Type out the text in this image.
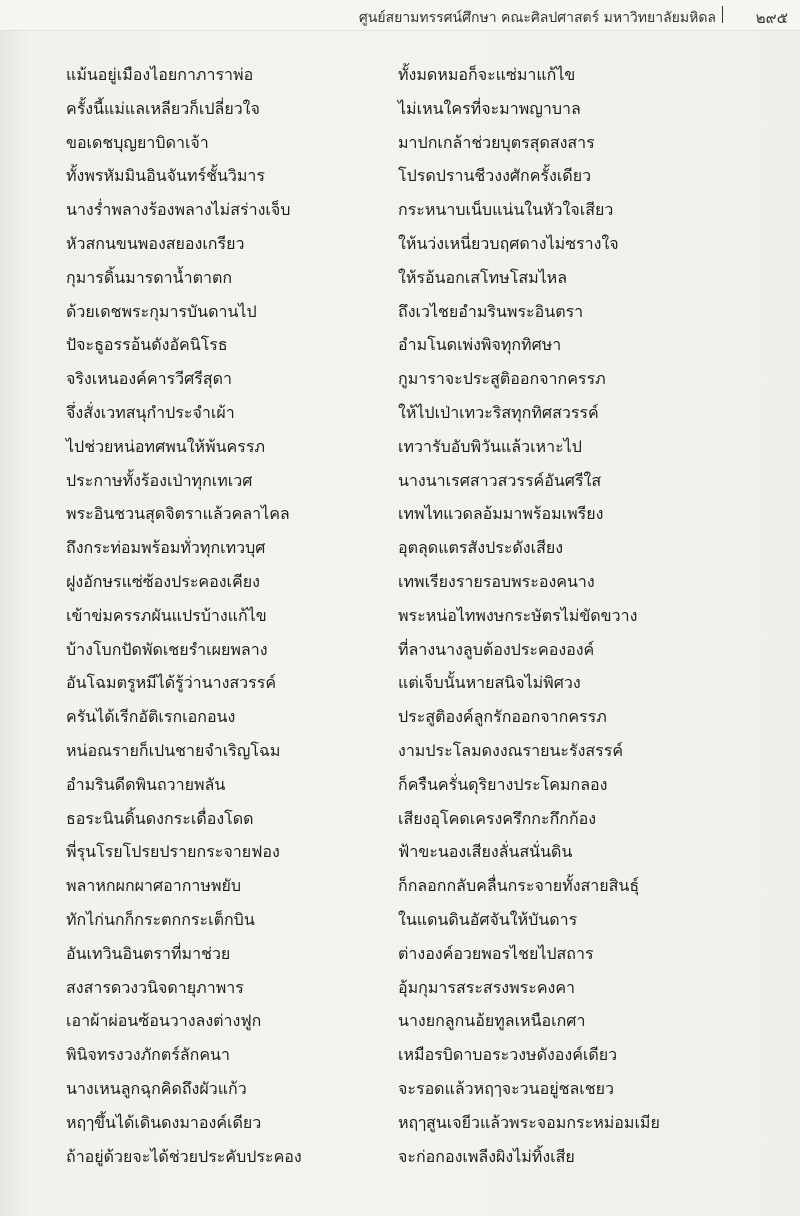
ศูนย์สยามทรรศน์ศึกษา คณะศิลปศาสตร์ มหาวิทยาลัยมหิดล	๒๙๕
แม้นอยู่เมืองไอยกาภาราพ่อ	ทั้งมดหมอก็จะแซ่มาแก้ไข
ครั้งนี้แม่แลเหลียวก็เปลี่ยวใจ	ไม่เหนใครที่จะมาพญาบาล
ขอเดชบุญยาบิดาเจ้า	มาปกเกล้าช่วยบุตรสุดสงสาร
ทั้งพรหัมมินอินจันทร์ชั้นวิมาร	โปรดปรานชีวงงศักครั้งเดียว
นางร่ำพลางร้องพลางไม่สร่างเจ็บ	กระหนาบเน็บแน่นในหัวใจเสียว
หัวสกนขนพองสยองเกรียว	ให้นว่งเหนี่ยวบฤศดางไม่ซรางใจ
กุมารดิ้นมารดาน้ำตาตก	ให้รอ้นอกเสโทษโสมไหล
ด้วยเดชพระกุมารบันดานไป	ถึงเวไชยอำมรินพระอินตรา
ปัจะธูอรรอ้นดังอัคนิโรธ	อำมโนดเพ่งพิจทุกทิศษา
จริงเหนองค์คารวีศรีสุดา	กูมาราจะประสูติออกจากครรภ
จึ่งสั่งเวทสนุกำประจำเผ้า	ให้ไปเป่าเทวะริสทุกทิศสวรรค์
ไปช่วยหน่อทศพนให้พ้นครรภ	เทวารับอับพิวันแล้วเหาะไป
ประกาษทั้งร้องเป่าทุกเทเวศ	นางนาเรศสาวสวรรค์อันศรีใส
พระอินชวนสุดจิตราแล้วคลาไคล	เทพไทแวดลอ้มมาพร้อมเพรียง
ถึงกระท่อมพร้อมทั่วทุกเทวบุศ	อุตลุดแตรสังประดังเสียง
ฝูงอักษรแซ่ซ้องประคองเคียง	เทพเรียงรายรอบพระองคนาง
เข้าข่มครรภผันแปรบ้างแก้ไข	พระหน่อไทพงษกระษัตรไม่ขัดขวาง
บ้างโบกปัดพัดเชยรำเผยพลาง	ที่ลางนางลูบต้องประคององค์
อันโฉมตรูหมีได้รู้ว่านางสวรรค์	แต่เจ็บนั้นหายสนิจไม่พิศวง
ครันได้เรีกอัติเรกเอกอนง	ประสูติองค์ลูกรักออกจากครรภ
หน่อณรายก็เปนชายจำเริญโฉม	งามประโลมดงงณรายนะรังสรรค์
อำมรินดีดพินถวายพลัน	ก็ครืนครั่นดุริยางประโคมกลอง
ธอระนินดิ้นดงกระเดื่องโดด	เสียงอุโคดเครงครึกกะกึกก้อง
พี่รุนโรยโปรยปรายกระจายฟอง	ฟ้าขะนองเสียงลั่นสนั่นดิน
พลาหกผกผาศอากาษพยับ	ก็กลอกกลับคลื่นกระจายทั้งสายสินธุ์
ทักไก่นกก็กระตกกระเต็กบิน	ในแดนดินอัศจันให้บันดาร
อันเทวินอินตราที่มาช่วย	ต่างองค์อวยพอรไชยไปสถาร
สงสารดวงวนิจดายุภาพาร	อุ้มกุมารสระสรงพระคงคา
เอาผ้าผ่อนซ้อนวางลงต่างฟูก	นางยกลูกนอ้ยทูลเหนือเกศา
พินิจทรงวงภักตร์ลักคนา	เหมือรบิดาบอระวงษดังองค์เดียว
นางเหนลูกฉุกคิดถึงผัวแก้ว	จะรอดแล้วหฤๅจะวนอยู่ชลเชยว
หฤๅขึ้นได้เดินดงมาองค์เดียว	หฤๅสูนเจยีวแล้วพระจอมกระหม่อมเมีย
ถ้าอยู่ด้วยจะได้ช่วยประคับประคอง	จะก่อกองเพลีงผิงไม่ทิ้งเสีย
